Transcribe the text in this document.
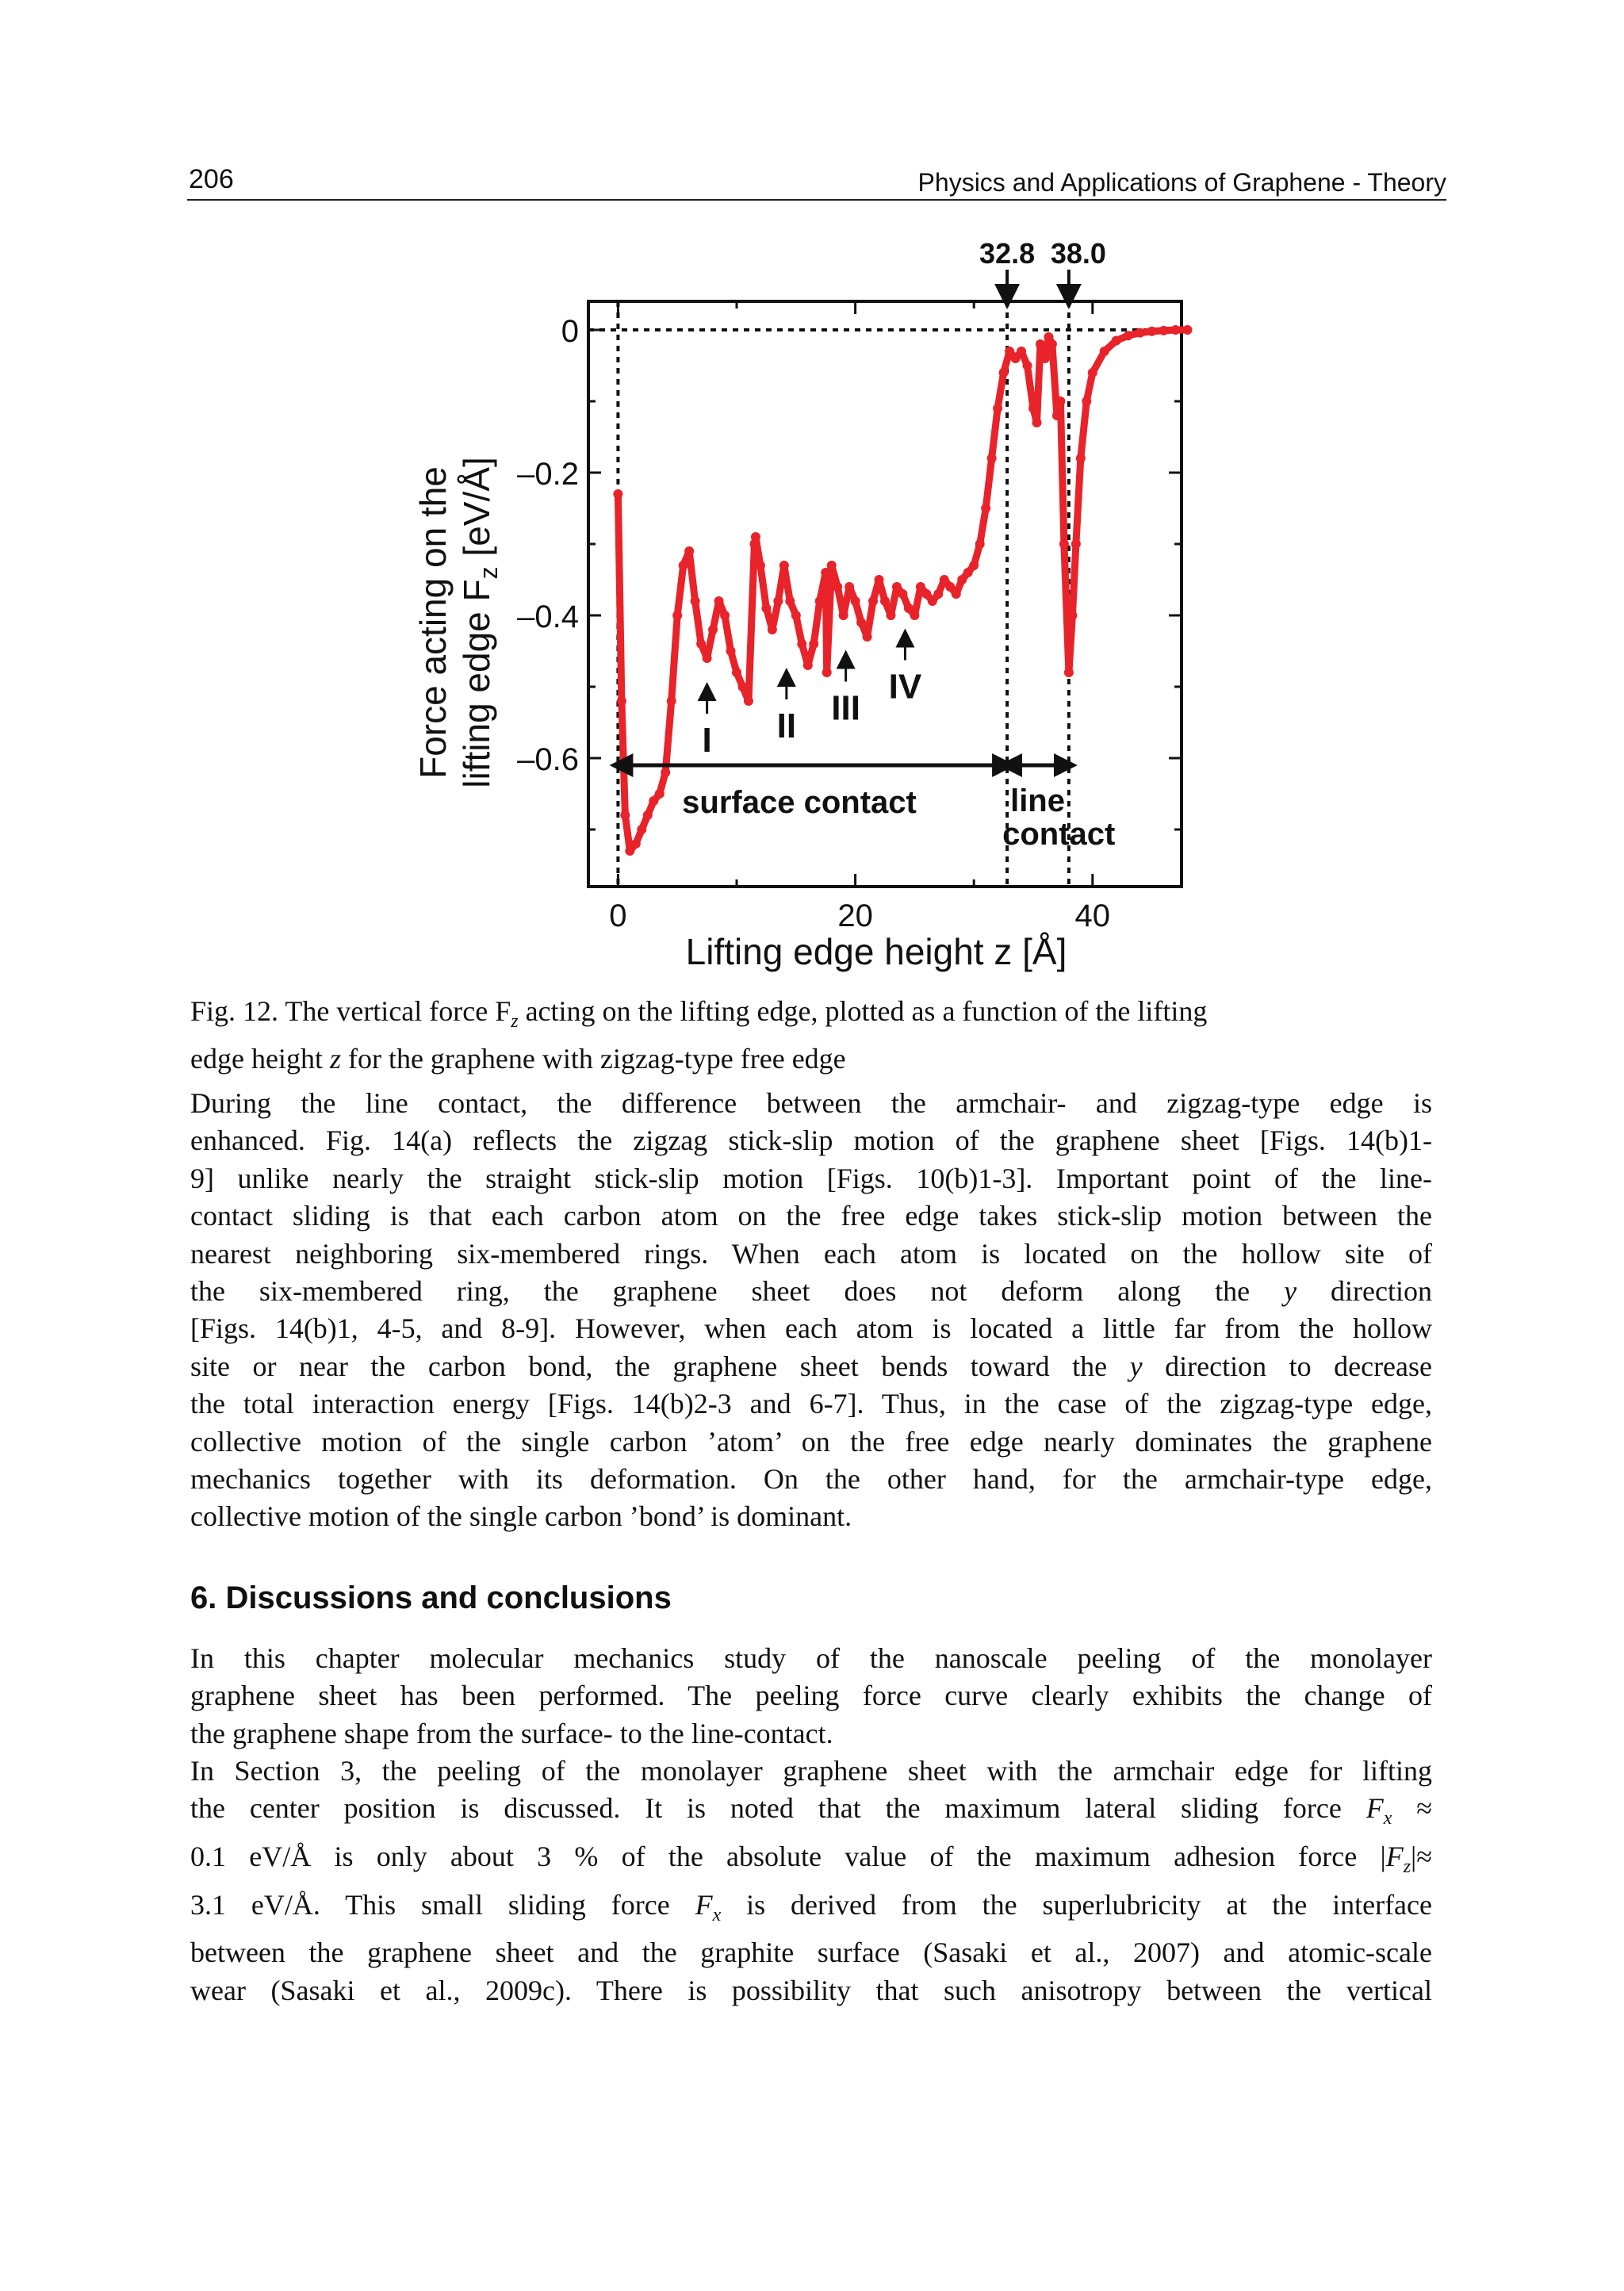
206	Physics and Applications of Graphene - Theory
0
–0.2
–0.4
–0.6
0	20	40
32.8 38.0
surface contact	line
contact
I II III
IV
Force acting on the lifting edge $F_z$ [eV/Å]
Lifting edge height z [Å]
Fig. 12. The vertical force $F_z$ acting on the lifting edge, plotted as a function of the lifting
edge height z for the graphene with zigzag-type free edge
During the line contact, the difference between the armchair- and zigzag-type edge is
enhanced. Fig. 14(a) reflects the zigzag stick-slip motion of the graphene sheet [Figs. 14(b)1-
9] unlike nearly the straight stick-slip motion [Figs. 10(b)1-3]. Important point of the line-
contact sliding is that each carbon atom on the free edge takes stick-slip motion between the
nearest neighboring six-membered rings. When each atom is located on the hollow site of
the six-membered ring, the graphene sheet does not deform along the y direction
[Figs. 14(b)1, 4-5, and 8-9]. However, when each atom is located a little far from the hollow
site or near the carbon bond, the graphene sheet bends toward the y direction to decrease
the total interaction energy [Figs. 14(b)2-3 and 6-7]. Thus, in the case of the zigzag-type edge,
collective motion of the single carbon ’atom’ on the free edge nearly dominates the graphene
mechanics together with its deformation. On the other hand, for the armchair-type edge,
collective motion of the single carbon ’bond’ is dominant.
6. Discussions and conclusions
In this chapter molecular mechanics study of the nanoscale peeling of the monolayer
graphene sheet has been performed. The peeling force curve clearly exhibits the change of
the graphene shape from the surface- to the line-contact.
In Section 3, the peeling of the monolayer graphene sheet with the armchair edge for lifting
the center position is discussed. It is noted that the maximum lateral sliding force $F_x$ ≈
0.1 eV/Å is only about 3 % of the absolute value of the maximum adhesion force $|F_z|\approx$
3.1 eV/Å. This small sliding force $F_x$ is derived from the superlubricity at the interface
between the graphene sheet and the graphite surface (Sasaki et al., 2007) and atomic-scale
wear (Sasaki et al., 2009c). There is possibility that such anisotropy between the vertical
